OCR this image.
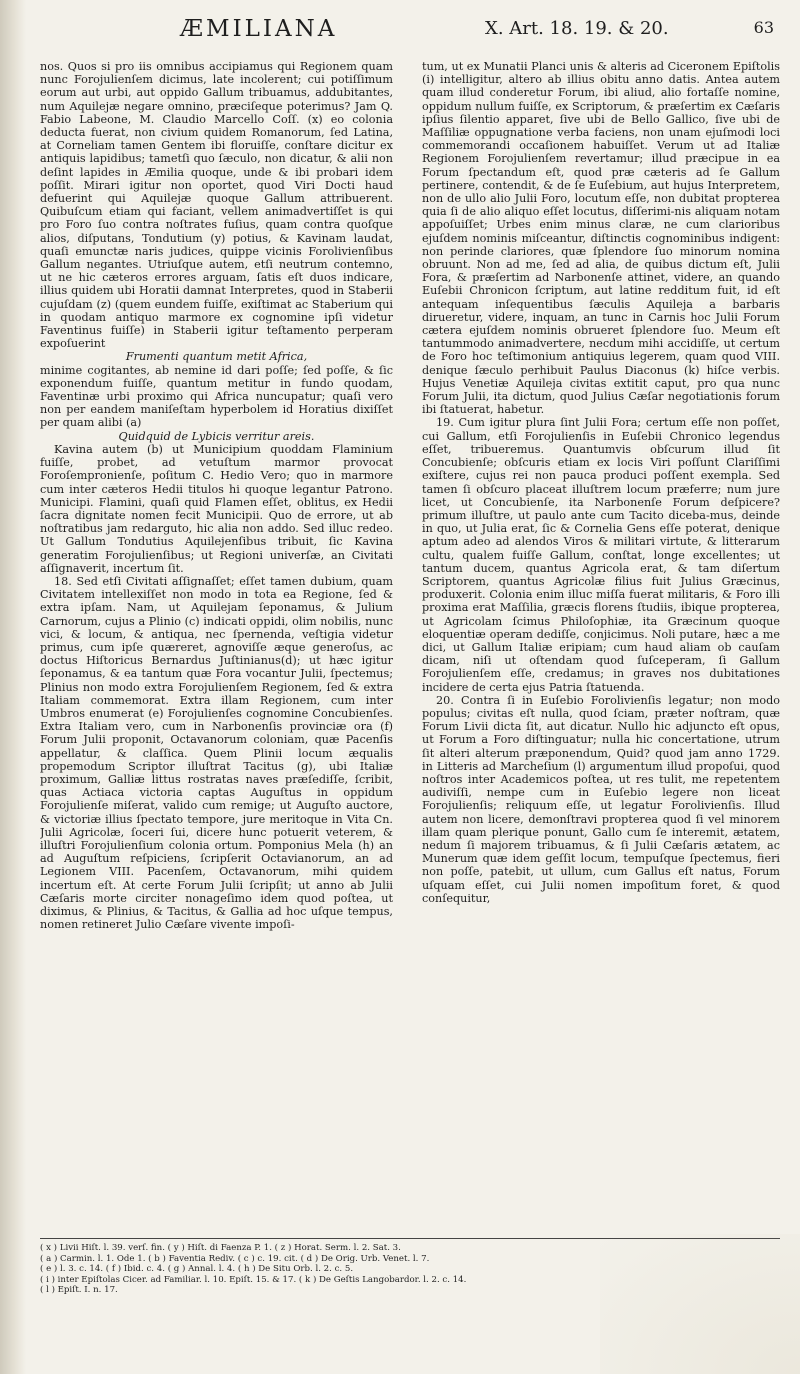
ÆMILIANA	X. Art. 18. 19. & 20.	63

nos. Quos si pro iis omnibus accipiamus qui Regionem quam nunc Forojulienſem dicimus, late incolerent; cui potiſſimum eorum aut urbi, aut oppido Gallum tribuamus, addubitantes, num Aquilejæ negare omnino, præciſeque poterimus? Jam Q. Fabio Labeone, M. Claudio Marcello Coſſ. (x) eo colonia deducta fuerat, non civium quidem Romanorum, ſed Latina, at Corneliam tamen Gentem ibi floruiſſe, conſtare dicitur ex antiquis lapidibus; tametſi quo ſæculo, non dicatur, & alii non deſint lapides in Æmilia quoque, unde & ibi probari idem poſſit. Mirari igitur non oportet, quod Viri Docti haud defuerint qui Aquilejæ quoque Gallum attribuerent. Quibuſcum etiam qui faciant, vellem animadvertiſſet is qui pro Foro ſuo contra noſtrates fuſius, quam contra quoſque alios, diſputans, Tondutium (y) potius, & Kavinam laudat, quaſi emunctæ naris judices, quippe vicinis Forolivienſibus Gallum negantes. Utriuſque autem, etſi neutrum contemno, ut ne hic cæteros errores arguam, ſatis eſt duos indicare, illius quidem ubi Horatii damnat Interpretes, quod in Staberii cujuſdam (z) (quem eundem fuiſſe, exiſtimat ac Staberium qui in quodam antiquo marmore ex cognomine ipſi videtur Faventinus fuiſſe) in Staberii igitur teſtamento perperam expoſuerint

Frumenti quantum metit Africa,

minime cogitantes, ab nemine id dari poſſe; ſed poſſe, & ſic exponendum fuiſſe, quantum metitur in fundo quodam, Faventinæ urbi proximo qui Africa nuncupatur; quaſi vero non per eandem maniſeſtam hyperbolem id Horatius dixiſſet per quam alibi (a)

Quidquid de Lybicis verritur areis.

Kavina autem (b) ut Municipium quoddam Flaminium fuiſſe, probet, ad vetuſtum marmor provocat Foroſempronienſe, poſitum C. Hedio Vero; quo in marmore cum inter cæteros Hedii titulos hi quoque legantur Patrono. Municipi. Flamini, quaſi quid Flamen eſſet, oblitus, ex Hedii ſacra dignitate nomen fecit Municipii. Quo de errore, ut ab noſtratibus jam redarguto, hic alia non addo. Sed illuc redeo. Ut Gallum Tondutius Aquilejenſibus tribuit, ſic Kavina generatim Forojulienſibus; ut Regioni univerſæ, an Civitati aſſignaverit, incertum ſit.

18. Sed etſi Civitati aſſignaſſet; eſſet tamen dubium, quam Civitatem intellexiſſet non modo in tota ea Regione, ſed & extra ipſam. Nam, ut Aquilejam ſeponamus, & Julium Carnorum, cujus a Plinio (c) indicati oppidi, olim nobilis, nunc vici, & locum, & antiqua, nec ſpernenda, veſtigia videtur primus, cum ipſe quæreret, agnoviſſe æque generoſus, ac doctus Hiſtoricus Bernardus Juſtinianus(d); ut hæc igitur ſeponamus, & ea tantum quæ Fora vocantur Julii, ſpectemus; Plinius non modo extra Forojulienſem Regionem, ſed & extra Italiam commemorat. Extra illam Regionem, cum inter Umbros enumerat (e) Forojulienſes cognomine Concubienſes. Extra Italiam vero, cum in Narbonenſis provinciæ ora (f) Forum Julii proponit, Octavanorum coloniam, quæ Pacenſis appellatur, & claſſica. Quem Plinii locum æqualis propemodum Scriptor illuſtrat Tacitus (g), ubi Italiæ proximum, Galliæ littus rostratas naves præſediſſe, ſcribit, quas Actiaca victoria captas Auguſtus in oppidum Forojulienſe miſerat, valido cum remige; ut Auguſto auctore, & victoriæ illius ſpectato tempore, jure meritoque in Vita Cn. Julii Agricolæ, ſoceri ſui, dicere hunc potuerit veterem, & illuſtri Forojulienſium colonia ortum. Pomponius Mela (h) an ad Auguſtum reſpiciens, ſcripſerit Octavianorum, an ad Legionem VIII. Pacenſem, Octavanorum, mihi quidem incertum eſt. At certe Forum Julii ſcripſit; ut anno ab Julii Cæſaris morte circiter nonageſimo idem quod poſtea, ut diximus, & Plinius, & Tacitus, & Gallia ad hoc uſque tempus, nomen retineret Julio Cæſare vivente impoſi-

tum, ut ex Munatii Planci unis & alteris ad Ciceronem Epiſtolis (i) intelligitur, altero ab illius obitu anno datis. Antea autem quam illud conderetur Forum, ibi aliud, alio fortaſſe nomine, oppidum nullum fuiſſe, ex Scriptorum, & præſertim ex Cæſaris ipſius ſilentio apparet, ſive ubi de Bello Gallico, ſive ubi de Maſſiliæ oppugnatione verba faciens, non unam ejuſmodi loci commemorandi occaſionem habuiſſet. Verum ut ad Italiæ Regionem Forojulienſem revertamur; illud præcipue in ea Forum ſpectandum eſt, quod præ cæteris ad ſe Gallum pertinere, contendit, & de ſe Euſebium, aut hujus Interpretem, non de ullo alio Julii Foro, locutum eſſe, non dubitat propterea quia ſi de alio aliquo eſſet locutus, diſſerimi-nis aliquam notam appoſuiſſet; Urbes enim minus claræ, ne cum clarioribus ejuſdem nominis miſceantur, diſtinctis cognominibus indigent: non perinde clariores, quæ ſplendore ſuo minorum nomina obruunt. Non ad me, ſed ad alia, de quibus dictum eſt, Julii Fora, & præſertim ad Narbonenſe attinet, videre, an quando Euſebii Chronicon ſcriptum, aut latine redditum fuit, id eſt antequam inſequentibus ſæculis Aquileja a barbaris dirueretur, videre, inquam, an tunc in Carnis hoc Julii Forum cætera ejuſdem nominis obrueret ſplendore ſuo. Meum eſt tantummodo animadvertere, necdum mihi accidiſſe, ut certum de Foro hoc teſtimonium antiquius legerem, quam quod VIII. denique ſæculo perhibuit Paulus Diaconus (k) hiſce verbis. Hujus Venetiæ Aquileja civitas extitit caput, pro qua nunc Forum Julii, ita dictum, quod Julius Cæſar negotiationis forum ibi ſtatuerat, habetur.

19. Cum igitur plura ſint Julii Fora; certum eſſe non poſſet, cui Gallum, etſi Forojulienſis in Euſebii Chronico legendus eſſet, tribueremus. Quantumvis obſcurum illud ſit Concubienſe; obſcuris etiam ex locis Viri poſſunt Clariſſimi exiſtere, cujus rei non pauca produci poſſent exempla. Sed tamen ſi obſcuro placeat illuſtrem locum præferre; num jure licet, ut Concubienſe, ita Narbonenſe Forum deſpicere? primum illuſtre, ut paulo ante cum Tacito diceba-mus, deinde in quo, ut Julia erat, ſic & Cornelia Gens eſſe poterat, denique aptum adeo ad alendos Viros & militari virtute, & litterarum cultu, qualem fuiſſe Gallum, conſtat, longe excellentes; ut tantum ducem, quantus Agricola erat, & tam diſertum Scriptorem, quantus Agricolæ filius fuit Julius Græcinus, produxerit. Colonia enim illuc miſſa fuerat militaris, & Foro illi proxima erat Maſſilia, græcis florens ſtudiis, ibique propterea, ut Agricolam ſcimus Philoſophiæ, ita Græcinum quoque eloquentiæ operam dediſſe, conjicimus. Noli putare, hæc a me dici, ut Gallum Italiæ eripiam; cum haud aliam ob cauſam dicam, niſi ut oſtendam quod ſuſceperam, ſi Gallum Forojulienſem eſſe, credamus; in graves nos dubitationes incidere de certa ejus Patria ſtatuenda.

20. Contra ſi in Euſebio Forolivienſis legatur; non modo populus; civitas eſt nulla, quod ſciam, præter noſtram, quæ Forum Livii dicta ſit, aut dicatur. Nullo hic adjuncto eſt opus, ut Forum a Foro diſtinguatur; nulla hic concertatione, utrum ſit alteri alterum præponendum, Quid? quod jam anno 1729. in Litteris ad Marcheſium (l) argumentum illud propoſui, quod noſtros inter Academicos poſtea, ut res tulit, me repetentem audiviſſi, nempe cum in Euſebio legere non liceat Forojulienſis; reliquum eſſe, ut legatur Forolivienſis. Illud autem non licere, demonſtravi propterea quod ſi vel minorem illam quam plerique ponunt, Gallo cum ſe interemit, ætatem, nedum ſi majorem tribuamus, & ſi Julii Cæſaris ætatem, ac Munerum quæ idem geſſit locum, tempuſque ſpectemus, fieri non poſſe, patebit, ut ullum, cum Gallus eſt natus, Forum uſquam eſſet, cui Julii nomen impoſitum foret, & quod conſequitur,

( x ) Livii Hiſt. l. 39. verſ. fin. ( y ) Hiſt. di Faenza P. 1. ( z ) Horat. Serm. l. 2. Sat. 3.
( a ) Carmin. l. 1. Ode 1. ( b ) Faventia Rediv. ( c ) c. 19. cit. ( d ) De Orig. Urb. Venet. l. 7.
( e ) l. 3. c. 14. ( f ) Ibid. c. 4. ( g ) Annal. l. 4. ( h ) De Situ Orb. l. 2. c. 5.
( i ) inter Epiſtolas Cicer. ad Familiar. l. 10. Epiſt. 15. & 17. ( k ) De Geſtis Langobardor. l. 2. c. 14.
( l ) Epiſt. I. n. 17.
